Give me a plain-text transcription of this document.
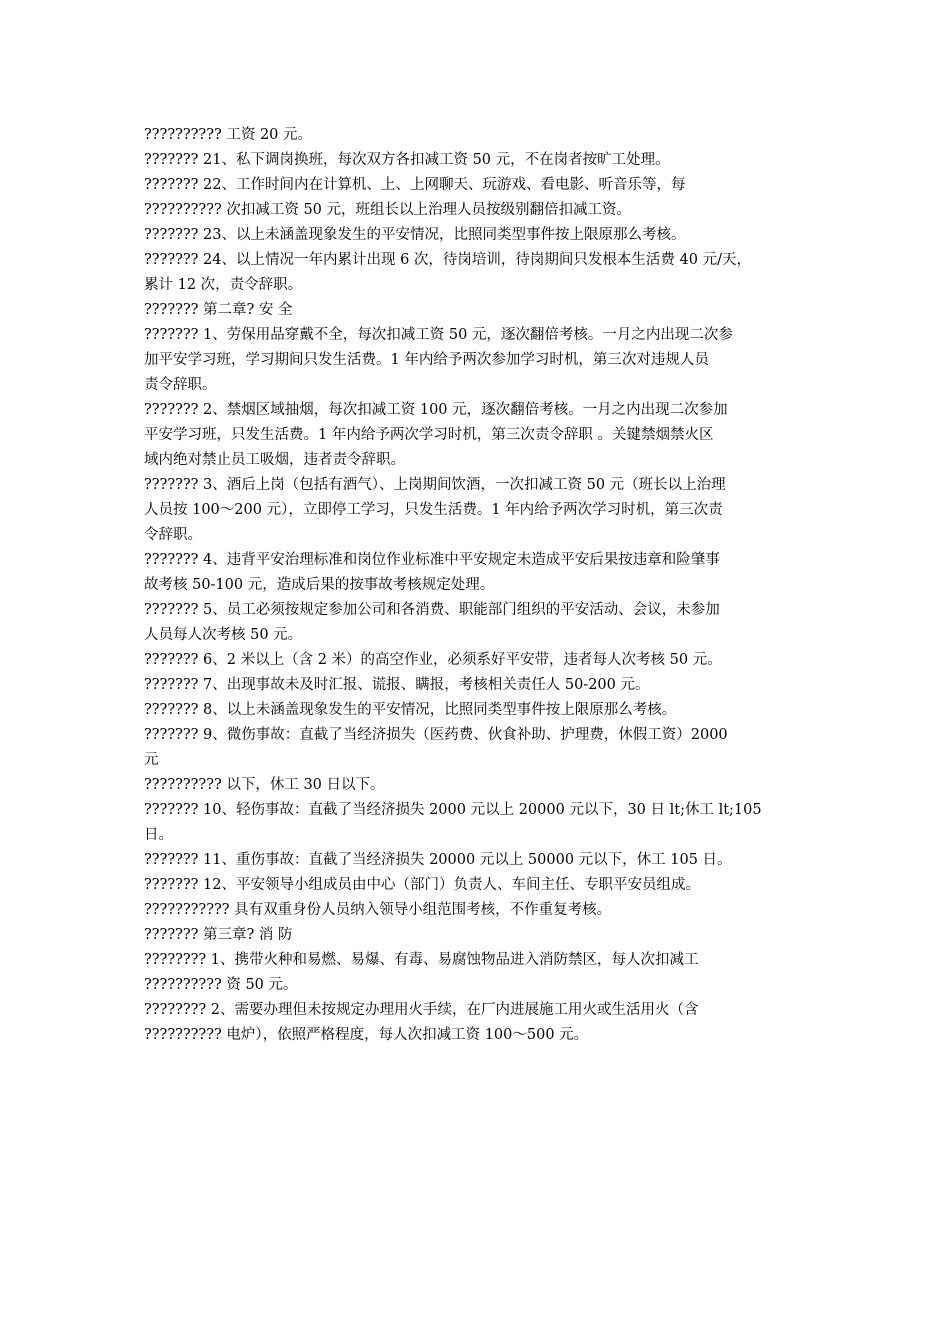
?????????? 工资 20 元。
??????? 21、私下调岗换班，每次双方各扣减工资 50 元，不在岗者按旷工处理。
??????? 22、工作时间内在计算机、上、上网聊天、玩游戏、看电影、听音乐等，每
?????????? 次扣减工资 50 元，班组长以上治理人员按级别翻倍扣减工资。
??????? 23、以上未涵盖现象发生的平安情况，比照同类型事件按上限原那么考核。
??????? 24、以上情况一年内累计出现 6 次，待岗培训，待岗期间只发根本生活费 40 元/天，
累计 12 次，责令辞职。
??????? 第二章? 安 全
??????? 1、劳保用品穿戴不全，每次扣减工资 50 元，逐次翻倍考核。一月之内出现二次参
加平安学习班，学习期间只发生活费。1 年内给予两次参加学习时机，第三次对违规人员
责令辞职。
??????? 2、禁烟区域抽烟，每次扣减工资 100 元，逐次翻倍考核。一月之内出现二次参加
平安学习班，只发生活费。1 年内给予两次学习时机，第三次责令辞职 。关键禁烟禁火区
域内绝对禁止员工吸烟，违者责令辞职。
??????? 3、酒后上岗（包括有酒气）、上岗期间饮酒，一次扣减工资 50 元（班长以上治理
人员按 100～200 元），立即停工学习，只发生活费。1 年内给予两次学习时机，第三次责
令辞职。
??????? 4、违背平安治理标准和岗位作业标准中平安规定未造成平安后果按违章和险肇事
故考核 50-100 元，造成后果的按事故考核规定处理。
??????? 5、员工必须按规定参加公司和各消费、职能部门组织的平安活动、会议，未参加
人员每人次考核 50 元。
??????? 6、2 米以上（含 2 米）的高空作业，必须系好平安带，违者每人次考核 50 元。
??????? 7、出现事故未及时汇报、谎报、瞒报，考核相关责任人 50-200 元。
??????? 8、以上未涵盖现象发生的平安情况，比照同类型事件按上限原那么考核。
??????? 9、微伤事故：直截了当经济损失（医药费、伙食补助、护理费，休假工资）2000
元
?????????? 以下，休工 30 日以下。
??????? 10、轻伤事故：直截了当经济损失 2000 元以上 20000 元以下，30 日 lt;休工 lt;105
日。
??????? 11、重伤事故：直截了当经济损失 20000 元以上 50000 元以下，休工 105 日。
??????? 12、平安领导小组成员由中心（部门）负责人、车间主任、专职平安员组成。
??????????? 具有双重身份人员纳入领导小组范围考核，不作重复考核。
??????? 第三章? 消 防
???????? 1、携带火种和易燃、易爆、有毒、易腐蚀物品进入消防禁区，每人次扣减工
?????????? 资 50 元。
???????? 2、需要办理但未按规定办理用火手续，在厂内进展施工用火或生活用火（含
?????????? 电炉），依照严格程度，每人次扣减工资 100～500 元。
